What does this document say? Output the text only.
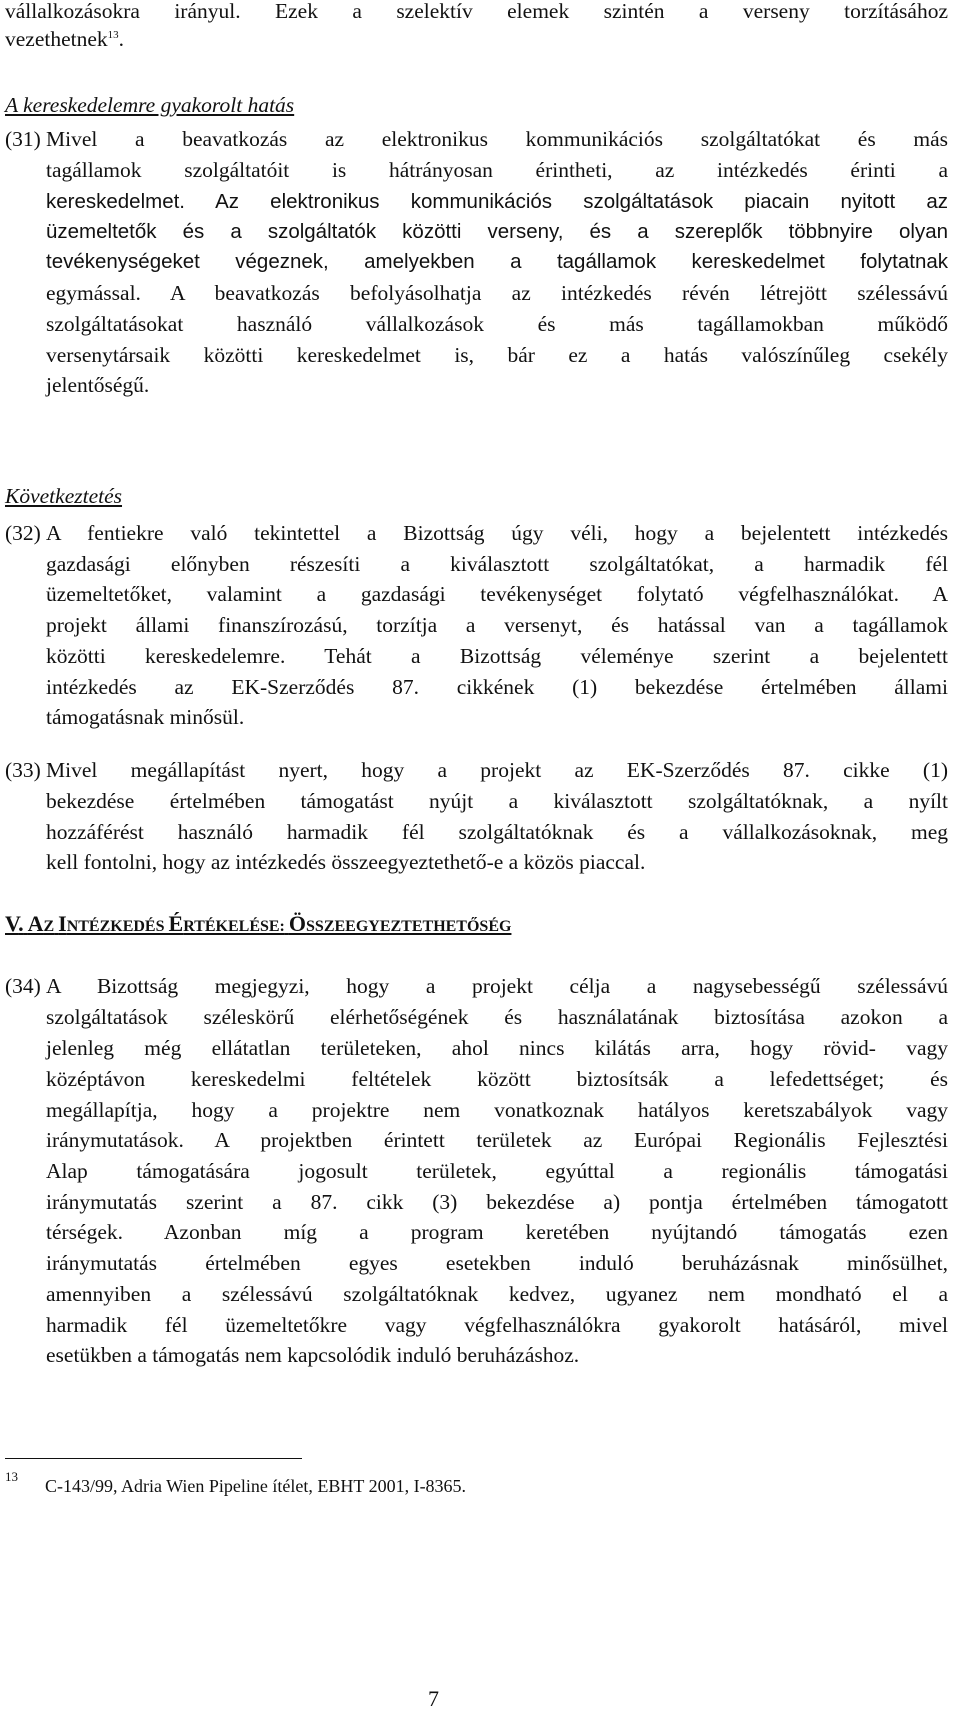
vállalkozásokra irányul. Ezek a szelektív elemek szintén a verseny torzításához
vezethetnek$^{13}$.
A kereskedelemre gyakorolt hatás
(31) Mivel a beavatkozás az elektronikus kommunikációs szolgáltatókat és más
tagállamok szolgáltatóit is hátrányosan érintheti, az intézkedés érinti a
kereskedelmet. Az elektronikus kommunikációs szolgáltatások piacain nyitott az
üzemeltetők és a szolgáltatók közötti verseny, és a szereplők többnyire olyan
tevékenységeket végeznek, amelyekben a tagállamok kereskedelmet folytatnak
egymással. A beavatkozás befolyásolhatja az intézkedés révén létrejött szélessávú
szolgáltatásokat használó vállalkozások és más tagállamokban működő
versenytársaik közötti kereskedelmet is, bár ez a hatás valószínűleg csekély
jelentőségű.
Következtetés
(32) A fentiekre való tekintettel a Bizottság úgy véli, hogy a bejelentett intézkedés
gazdasági előnyben részesíti a kiválasztott szolgáltatókat, a harmadik fél
üzemeltetőket, valamint a gazdasági tevékenységet folytató végfelhasználókat. A
projekt állami finanszírozású, torzítja a versenyt, és hatással van a tagállamok
közötti kereskedelemre. Tehát a Bizottság véleménye szerint a bejelentett
intézkedés az EK-Szerződés 87. cikkének (1) bekezdése értelmében állami
támogatásnak minősül.
(33) Mivel megállapítást nyert, hogy a projekt az EK-Szerződés 87. cikke (1)
bekezdése értelmében támogatást nyújt a kiválasztott szolgáltatóknak, a nyílt
hozzáférést használó harmadik fél szolgáltatóknak és a vállalkozásoknak, meg
kell fontolni, hogy az intézkedés összeegyeztethető-e a közös piaccal.
V. AZ INTÉZKEDÉS ÉRTÉKELÉSE: ÖSSZEEGYEZTETHETŐSÉG
(34) A Bizottság megjegyzi, hogy a projekt célja a nagysebességű szélessávú
szolgáltatások széleskörű elérhetőségének és használatának biztosítása azokon a
jelenleg még ellátatlan területeken, ahol nincs kilátás arra, hogy rövid- vagy
középtávon kereskedelmi feltételek között biztosítsák a lefedettséget; és
megállapítja, hogy a projektre nem vonatkoznak hatályos keretszabályok vagy
iránymutatások. A projektben érintett területek az Európai Regionális Fejlesztési
Alap támogatására jogosult területek, egyúttal a regionális támogatási
iránymutatás szerint a 87. cikk (3) bekezdése a) pontja értelmében támogatott
térségek. Azonban míg a program keretében nyújtandó támogatás ezen
iránymutatás értelmében egyes esetekben induló beruházásnak minősülhet,
amennyiben a szélessávú szolgáltatóknak kedvez, ugyanez nem mondható el a
harmadik fél üzemeltetőkre vagy végfelhasználókra gyakorolt hatásáról, mivel
esetükben a támogatás nem kapcsolódik induló beruházáshoz.
13 C-143/99, Adria Wien Pipeline ítélet, EBHT 2001, I-8365.
7
